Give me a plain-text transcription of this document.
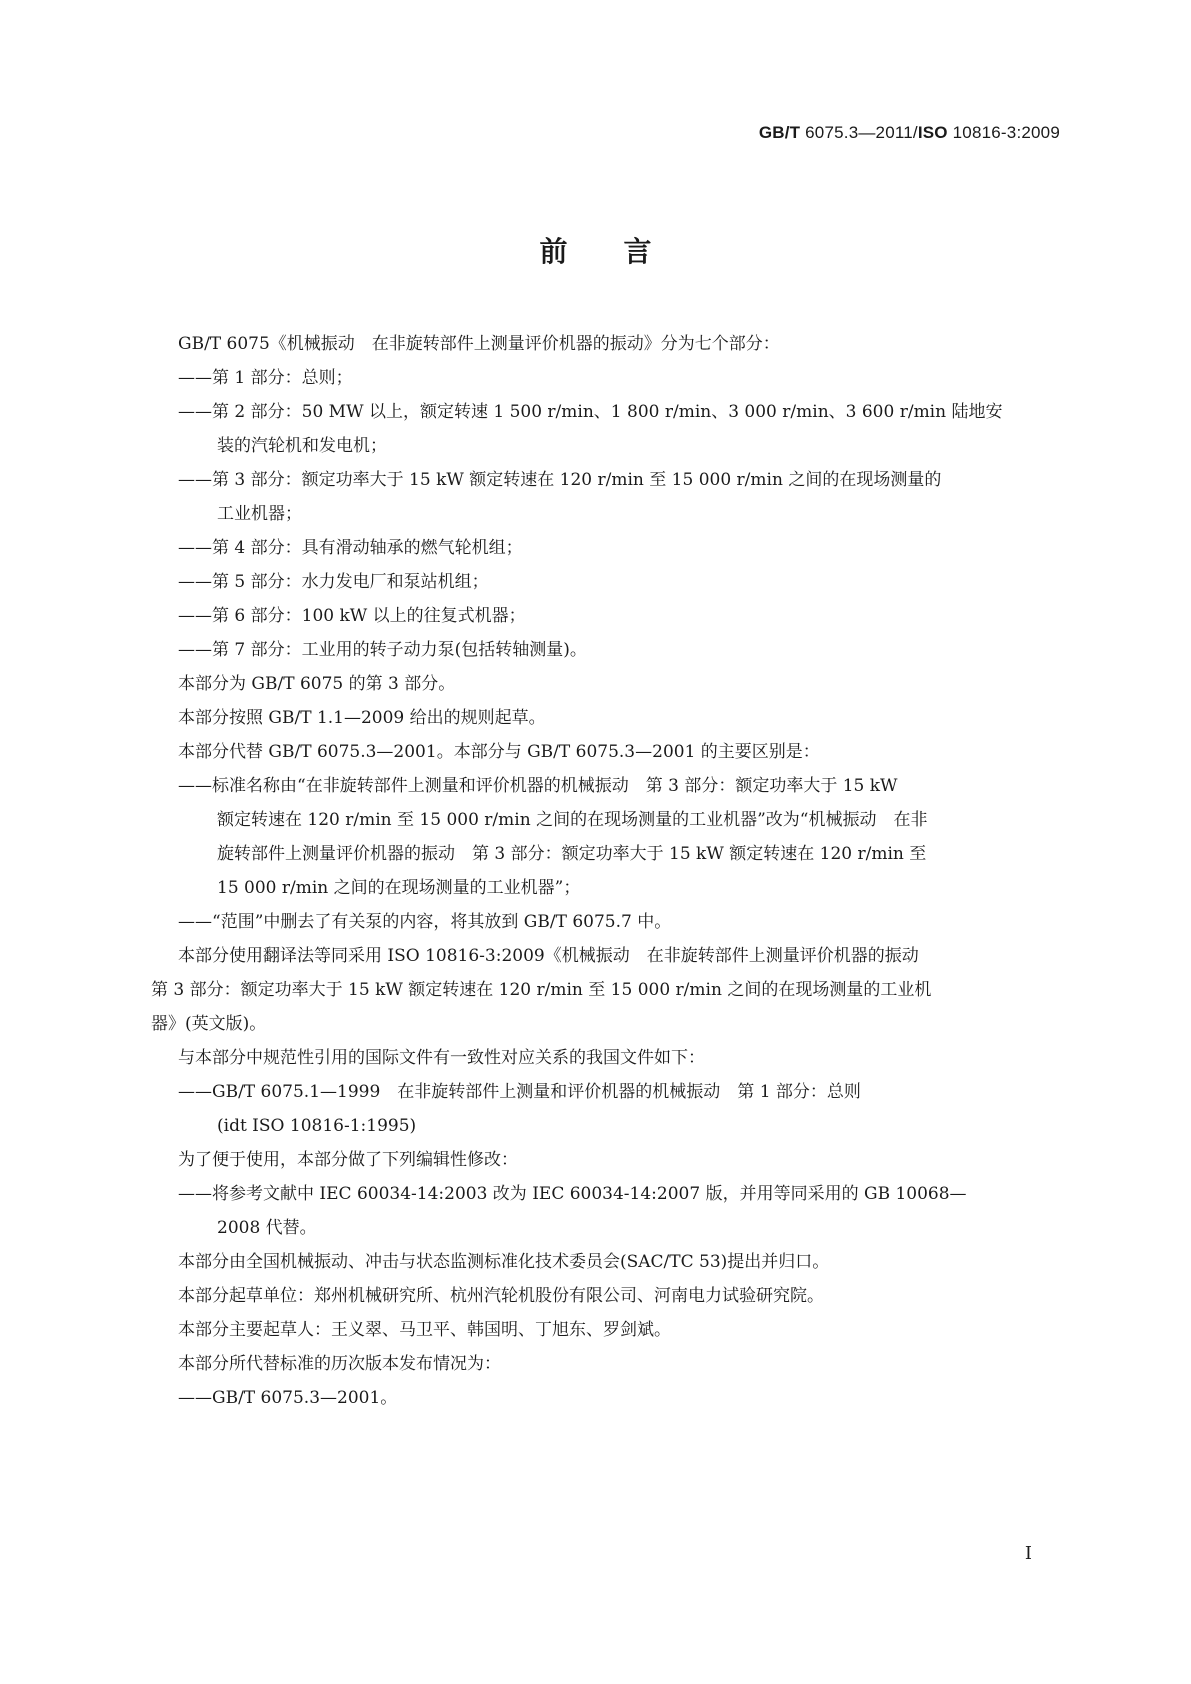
GB/T 6075.3—2011/ISO 10816-3:2009
前言

GB/T 6075《机械振动　在非旋转部件上测量评价机器的振动》分为七个部分：

——第 1 部分：总则；

——第 2 部分：50 MW 以上，额定转速 1 500 r/min、1 800 r/min、3 000 r/min、3 600 r/min 陆地安

装的汽轮机和发电机；

——第 3 部分：额定功率大于 15 kW 额定转速在 120 r/min 至 15 000 r/min 之间的在现场测量的

工业机器；

——第 4 部分：具有滑动轴承的燃气轮机组；

——第 5 部分：水力发电厂和泵站机组；

——第 6 部分：100 kW 以上的往复式机器；

——第 7 部分：工业用的转子动力泵(包括转轴测量)。

本部分为 GB/T 6075 的第 3 部分。

本部分按照 GB/T 1.1—2009 给出的规则起草。

本部分代替 GB/T 6075.3—2001。本部分与 GB/T 6075.3—2001 的主要区别是：

——标准名称由“在非旋转部件上测量和评价机器的机械振动　第 3 部分：额定功率大于 15 kW

额定转速在 120 r/min 至 15 000 r/min 之间的在现场测量的工业机器”改为“机械振动　在非

旋转部件上测量评价机器的振动　第 3 部分：额定功率大于 15 kW 额定转速在 120 r/min 至

15 000 r/min 之间的在现场测量的工业机器”；

——“范围”中删去了有关泵的内容，将其放到 GB/T 6075.7 中。

本部分使用翻译法等同采用 ISO 10816-3:2009《机械振动　在非旋转部件上测量评价机器的振动

第 3 部分：额定功率大于 15 kW 额定转速在 120 r/min 至 15 000 r/min 之间的在现场测量的工业机

器》(英文版)。

与本部分中规范性引用的国际文件有一致性对应关系的我国文件如下：

——GB/T 6075.1—1999　在非旋转部件上测量和评价机器的机械振动　第 1 部分：总则

(idt ISO 10816-1:1995)

为了便于使用，本部分做了下列编辑性修改：

——将参考文献中 IEC 60034-14:2003 改为 IEC 60034-14:2007 版，并用等同采用的 GB 10068—

2008 代替。

本部分由全国机械振动、冲击与状态监测标准化技术委员会(SAC/TC 53)提出并归口。

本部分起草单位：郑州机械研究所、杭州汽轮机股份有限公司、河南电力试验研究院。

本部分主要起草人：王义翠、马卫平、韩国明、丁旭东、罗剑斌。

本部分所代替标准的历次版本发布情况为：

——GB/T 6075.3—2001。

I
